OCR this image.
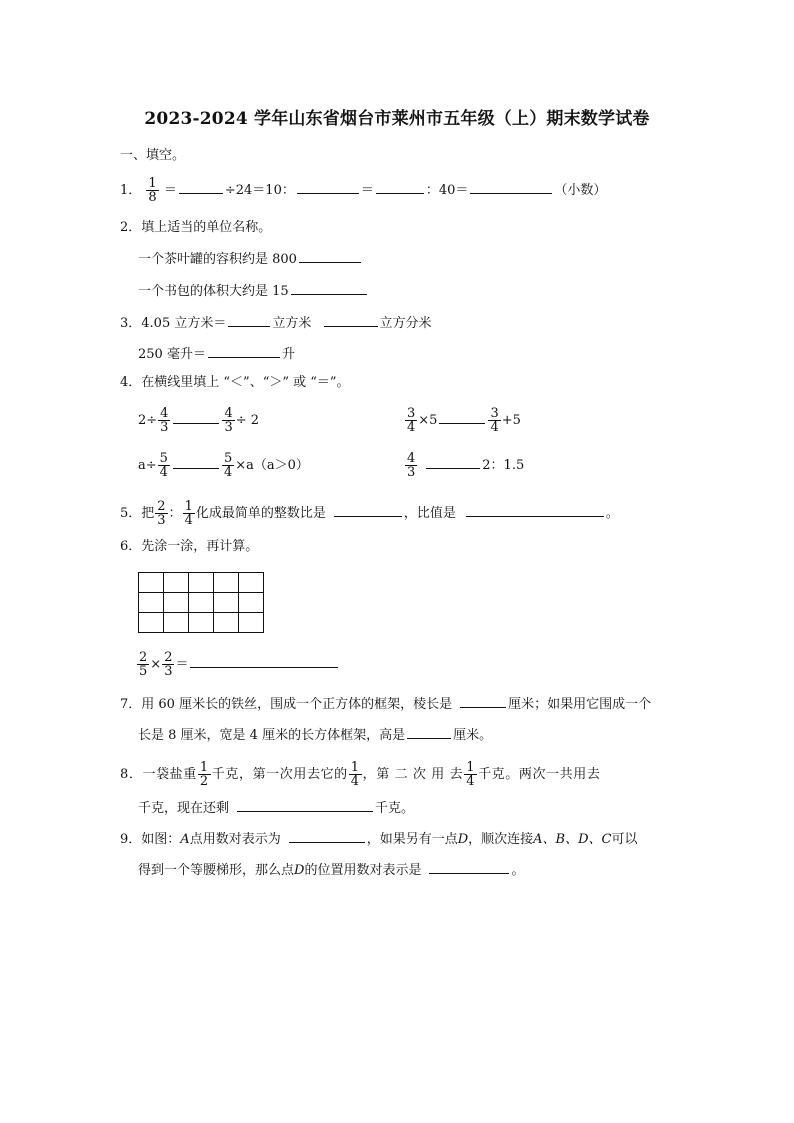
2023-2024 学年山东省烟台市莱州市五年级（上）期末数学试卷
一、填空。
1． $\frac{1}{8}$ ＝	÷24＝10：	＝	：40＝	（小数）
2．填上适当的单位名称。
一个茶叶罐的容积约是 800
一个书包的体积大约是 15
3．4.05 立方米＝	立方米	立方分米
250 毫升＝	升
4．在横线里填上 “＜”、“＞” 或 “＝”。
$2\div \frac{4}{3}$	$\frac{4}{3} \div 2$	$\frac{3}{4} \times 5$	$\frac{3}{4} +5$
$a\div \frac{5}{4}$	$\frac{5}{4} \times a(a>0)$	$\frac{4}{3}$	2：1.5
5．把 $\frac{2}{3}$ ： $\frac{1}{4}$ 化成最简单的整数比是	，比值是	。
6．先涂一涂，再计算。

$\frac{2}{5} \times \frac{2}{3}$ ＝
7．用 60 厘米长的铁丝，围成一个正方体的框架，棱长是	厘米；如果用它围成一个
长是 8 厘米，宽是 4 厘米的长方体框架，高是	厘米。
8．一袋盐重 $\frac{1}{2}$ 千克，第一次用去它的 $\frac{1}{4}$ ，第 二 次 用 去 $\frac{1}{4}$ 千克。两次一共用去
千克，现在还剩	千克。
9．如图：A点用数对表示为	，如果另有一点D，顺次连接A、B、D、C可以
得到一个等腰梯形，那么点D的位置用数对表示是	。
